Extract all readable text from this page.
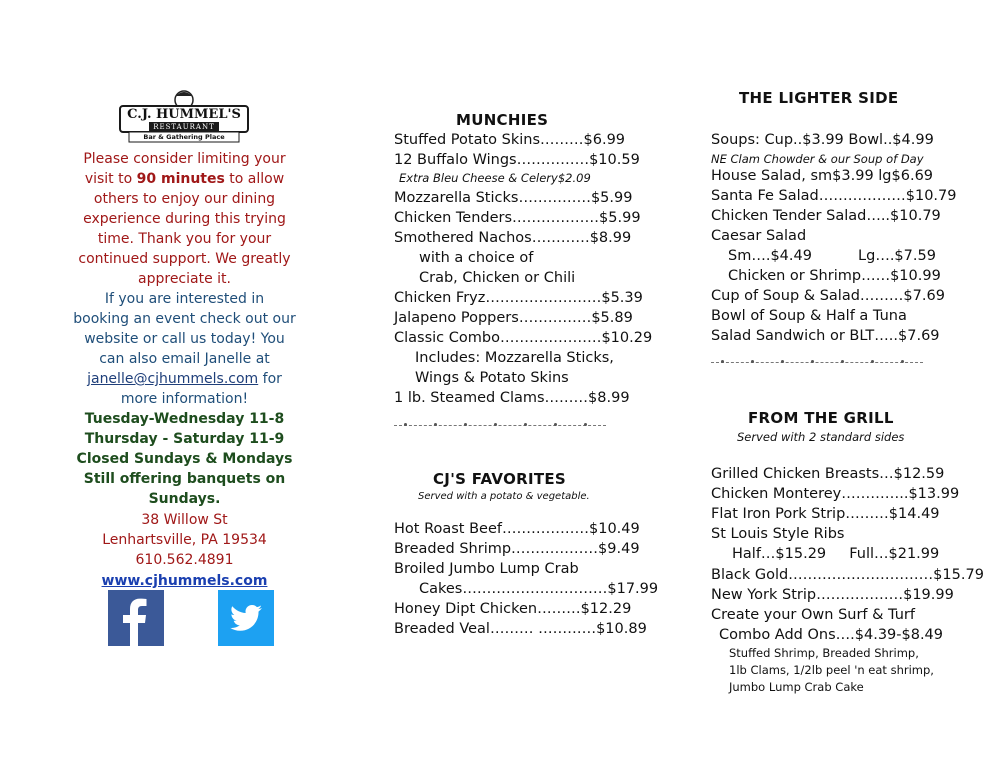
C.J. HUMMEL'S
RESTAURANT
Bar & Gathering Place
Please consider limiting your
visit to 90 minutes to allow
others to enjoy our dining
experience during this trying
time. Thank you for your
continued support. We greatly
appreciate it.
If you are interested in
booking an event check out our
website or call us today! You
can also email Janelle at
janelle@cjhummels.com for
more information!
Tuesday-Wednesday 11-8
Thursday - Saturday 11-9
Closed Sundays & Mondays
Still offering banquets on
Sundays.
38 Willow St
Lenhartsville, PA 19534
610.562.4891
www.cjhummels.com
MUNCHIES
Stuffed Potato Skins………$6.99
12 Buffalo Wings……………$10.59
Extra Bleu Cheese & Celery$2.09
Mozzarella Sticks……………$5.99
Chicken Tenders………………$5.99
Smothered Nachos…………$8.99
with a choice of
Crab, Chicken or Chili
Chicken Fryz……………………$5.39
Jalapeno Poppers……………$5.89
Classic Combo…………………$10.29
Includes: Mozzarella Sticks,
Wings & Potato Skins
1 lb. Steamed Clams………$8.99
CJ'S FAVORITES
Served with a potato & vegetable.
Hot Roast Beef………………$10.49
Breaded Shrimp………………$9.49
Broiled Jumbo Lump Crab
Cakes…………………………$17.99
Honey Dipt Chicken………$12.29
Breaded Veal……… …………$10.89
THE LIGHTER SIDE
Soups: Cup..$3.99 Bowl..$4.99
NE Clam Chowder & our Soup of Day
House Salad, sm$3.99 lg$6.69
Santa Fe Salad………………$10.79
Chicken Tender Salad…..$10.79
Caesar Salad
Sm….$4.49          Lg….$7.59
Chicken or Shrimp……$10.99
Cup of Soup & Salad………$7.69
Bowl of Soup & Half a Tuna
Salad Sandwich or BLT…..$7.69
FROM THE GRILL
Served with 2 standard sides
Grilled Chicken Breasts…$12.59
Chicken Monterey…………..$13.99
Flat Iron Pork Strip………$14.49
St Louis Style Ribs
Half…$15.29     Full…$21.99
Black Gold…………………………$15.79
New York Strip………………$19.99
Create your Own Surf & Turf
Combo Add Ons….$4.39-$8.49
Stuffed Shrimp, Breaded Shrimp,
1lb Clams, 1/2lb peel 'n eat shrimp,
Jumbo Lump Crab Cake
